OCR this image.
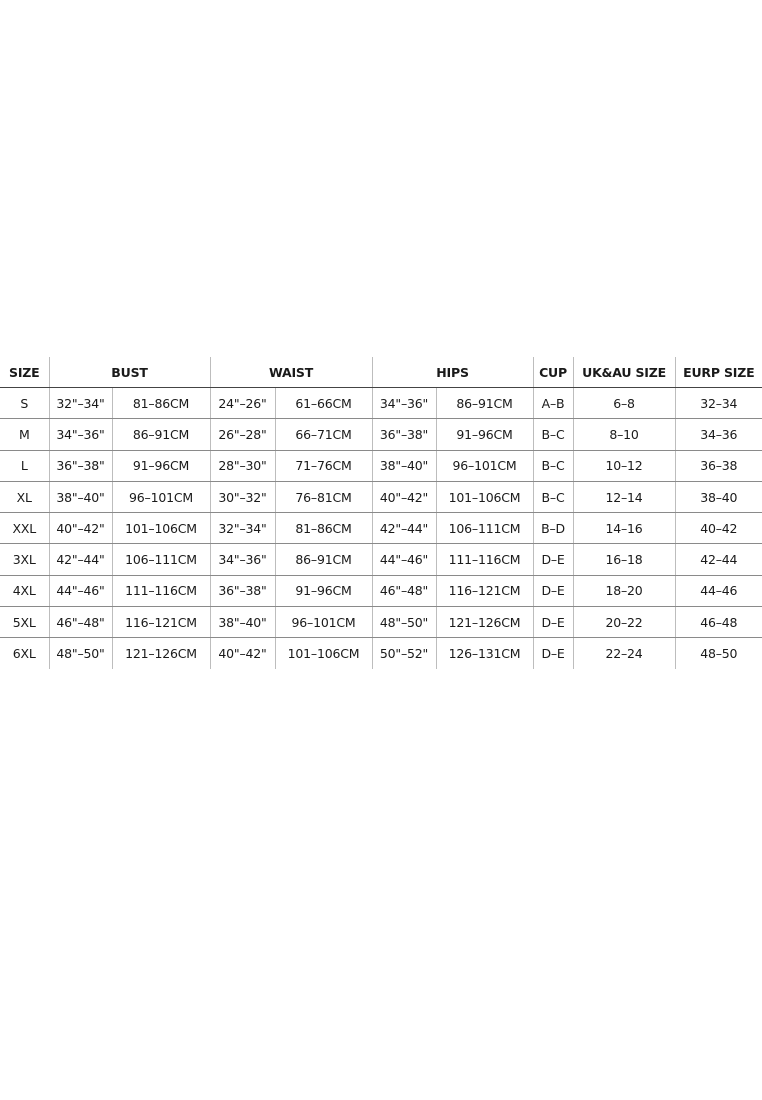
SIZE	BUST		WAIST		HIPS		CUP	UK&AU SIZE	EURP SIZE
S	32"–34"	81–86CM	24"–26"	61–66CM	34"–36"	86–91CM	A–B	6–8	32–34
M	34"–36"	86–91CM	26"–28"	66–71CM	36"–38"	91–96CM	B–C	8–10	34–36
L	36"–38"	91–96CM	28"–30"	71–76CM	38"–40"	96–101CM	B–C	10–12	36–38
XL	38"–40"	96–101CM	30"–32"	76–81CM	40"–42"	101–106CM	B–C	12–14	38–40
XXL	40"–42"	101–106CM	32"–34"	81–86CM	42"–44"	106–111CM	B–D	14–16	40–42
3XL	42"–44"	106–111CM	34"–36"	86–91CM	44"–46"	111–116CM	D–E	16–18	42–44
4XL	44"–46"	111–116CM	36"–38"	91–96CM	46"–48"	116–121CM	D–E	18–20	44–46
5XL	46"–48"	116–121CM	38"–40"	96–101CM	48"–50"	121–126CM	D–E	20–22	46–48
6XL	48"–50"	121–126CM	40"–42"	101–106CM	50"–52"	126–131CM	D–E	22–24	48–50
